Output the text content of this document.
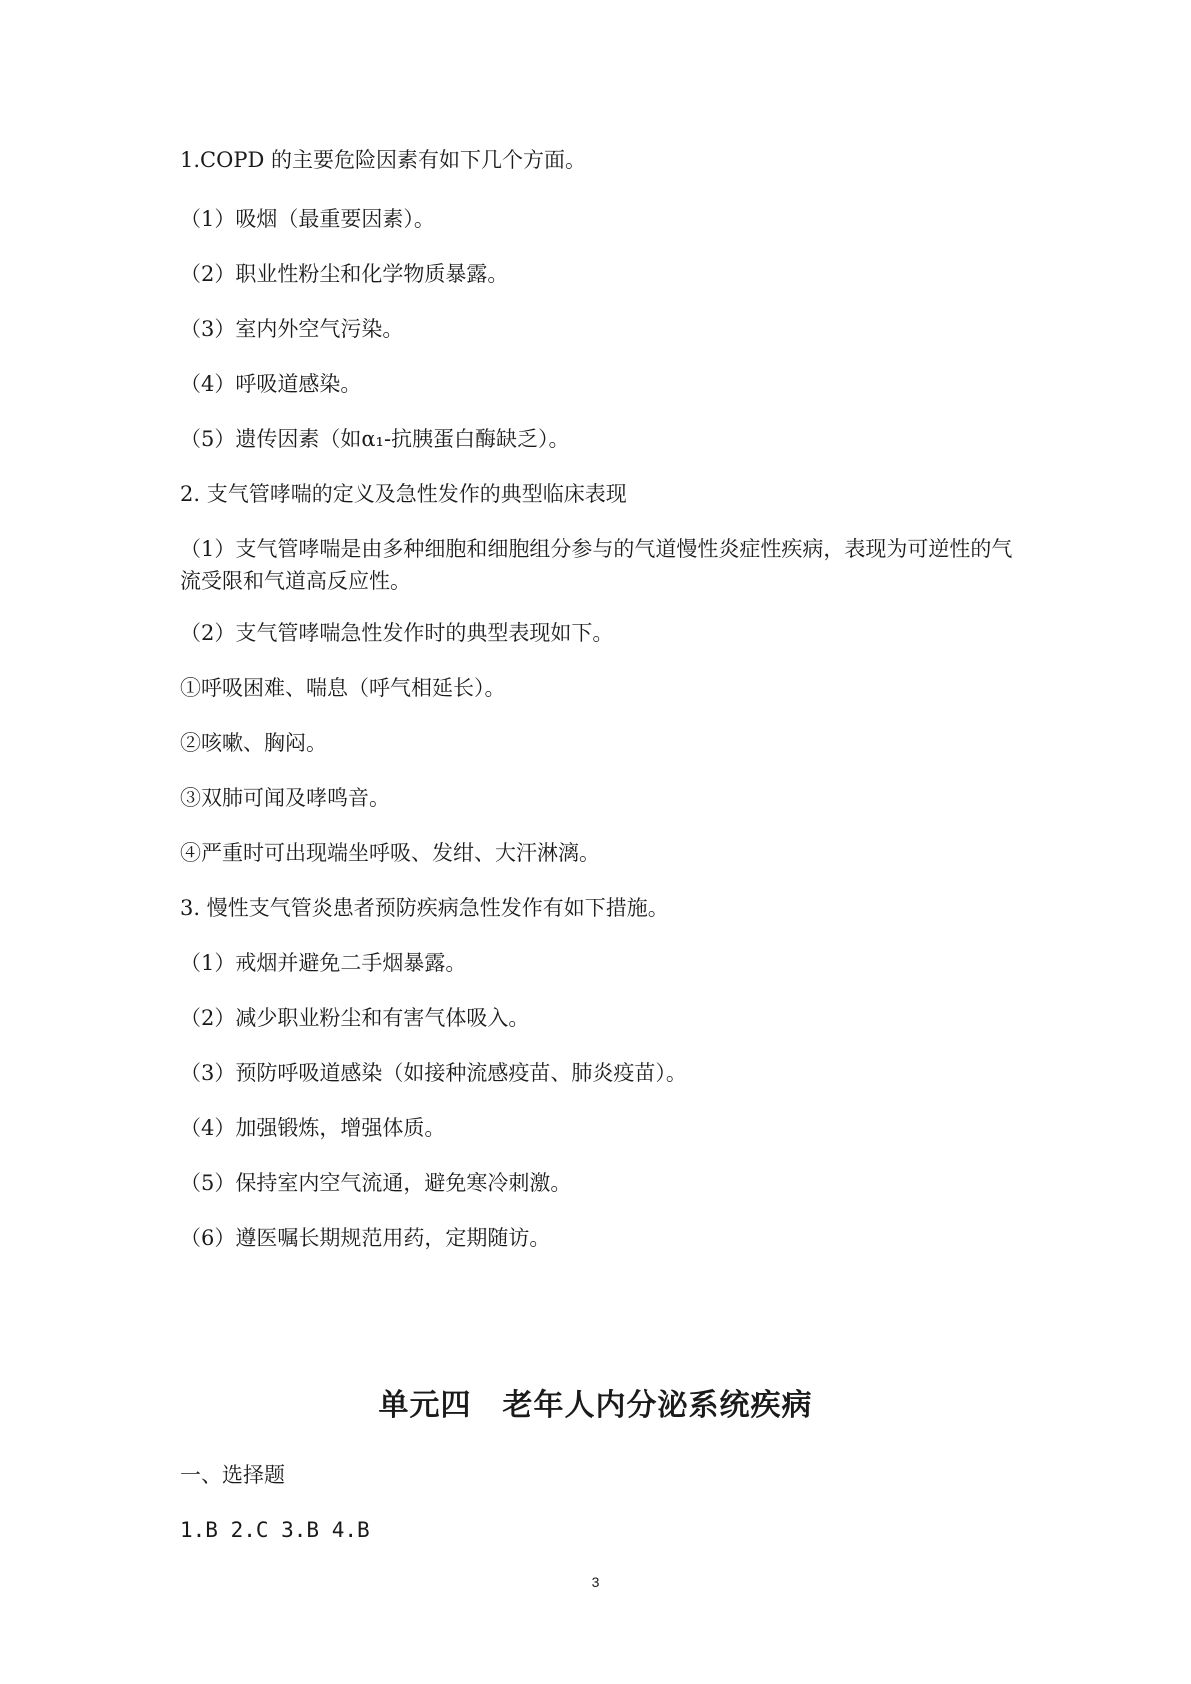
1.COPD 的主要危险因素有如下几个方面。
（1）吸烟（最重要因素）。
（2）职业性粉尘和化学物质暴露。
（3）室内外空气污染。
（4）呼吸道感染。
（5）遗传因素（如α₁-抗胰蛋白酶缺乏）。
2. 支气管哮喘的定义及急性发作的典型临床表现
（1）支气管哮喘是由多种细胞和细胞组分参与的气道慢性炎症性疾病，表现为可逆性的气流受限和气道高反应性。
（2）支气管哮喘急性发作时的典型表现如下。
①呼吸困难、喘息（呼气相延长）。
②咳嗽、胸闷。
③双肺可闻及哮鸣音。
④严重时可出现端坐呼吸、发绀、大汗淋漓。
3. 慢性支气管炎患者预防疾病急性发作有如下措施。
（1）戒烟并避免二手烟暴露。
（2）减少职业粉尘和有害气体吸入。
（3）预防呼吸道感染（如接种流感疫苗、肺炎疫苗）。
（4）加强锻炼，增强体质。
（5）保持室内空气流通，避免寒冷刺激。
（6）遵医嘱长期规范用药，定期随访。
单元四　老年人内分泌系统疾病
一、选择题
1.B 2.C 3.B 4.B
3
